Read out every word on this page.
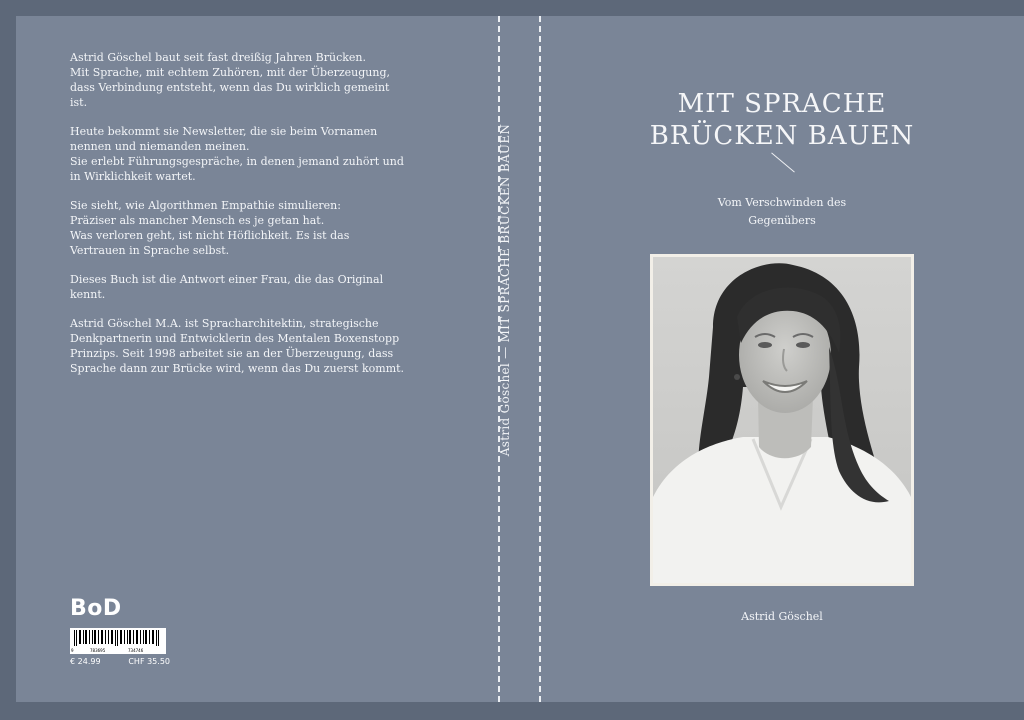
Astrid Göschel baut seit fast dreißig Jahren Brücken.
Mit Sprache, mit echtem Zuhören, mit der Überzeugung,
dass Verbindung entsteht, wenn das Du wirklich gemeint
ist.

Heute bekommt sie Newsletter, die sie beim Vornamen
nennen und niemanden meinen.
Sie erlebt Führungsgespräche, in denen jemand zuhört und
in Wirklichkeit wartet.

Sie sieht, wie Algorithmen Empathie simulieren:
Präziser als mancher Mensch es je getan hat.
Was verloren geht, ist nicht Höflichkeit. Es ist das
Vertrauen in Sprache selbst.

Dieses Buch ist die Antwort einer Frau, die das Original
kennt.

Astrid Göschel M.A. ist Spracharchitektin, strategische
Denkpartnerin und Entwicklerin des Mentalen Boxenstopp
Prinzips. Seit 1998 arbeitet sie an der Überzeugung, dass
Sprache dann zur Brücke wird, wenn das Du zuerst kommt.	Astrid Göschel — MIT SPRACHE BRÜCKEN BAUEN
MIT SPRACHE
BRÜCKEN BAUEN
Vom Verschwinden des
Gegenübers
Astrid Göschel
BoD
9	783695	734746
€ 24.99	CHF 35.50
